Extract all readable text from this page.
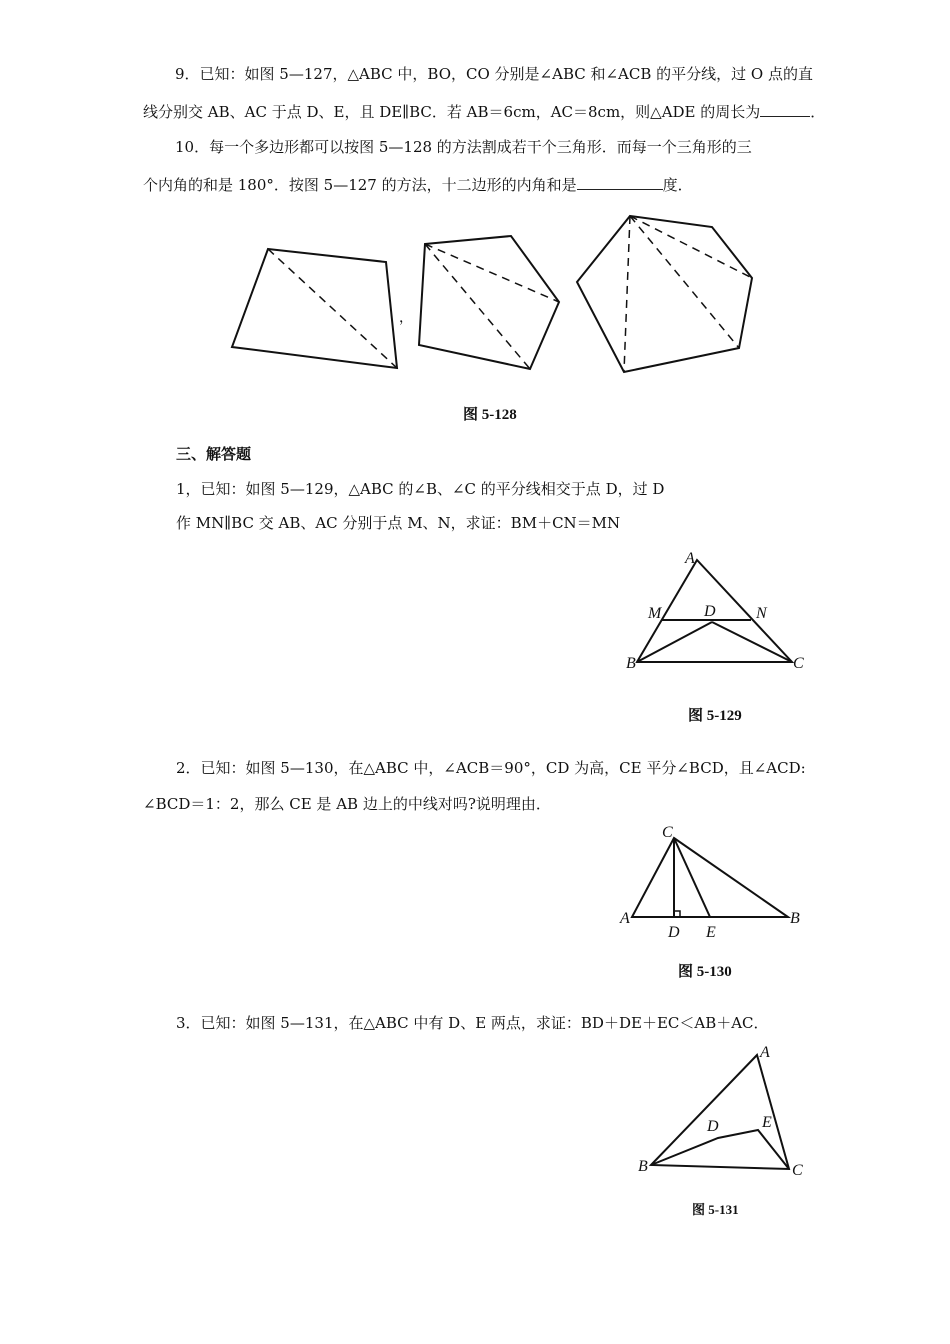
9．已知：如图 5—127，△ABC 中，BO，CO 分别是∠ABC 和∠ACB 的平分线，过 O 点的直
线分别交 AB、AC 于点 D、E，且 DE∥BC．若 AB＝6cm，AC＝8cm，则△ADE 的周长为	．
10．每一个多边形都可以按图 5—128 的方法割成若干个三角形．而每一个三角形的三
个内角的和是 180°．按图 5—127 的方法，十二边形的内角和是	度．
，
图 5-128
三、解答题
1，已知：如图 5—129，△ABC 的∠B、∠C 的平分线相交于点 D，过 D
作 MN∥BC 交 AB、AC 分别于点 M、N，求证：BM＋CN＝MN
A
M	D	N
B	C
图 5-129
2．已知：如图 5—130，在△ABC 中，∠ACB＝90°，CD 为高，CE 平分∠BCD，且∠ACD:
∠BCD＝1：2，那么 CE 是 AB 边上的中线对吗?说明理由．
C
A
D E
B
图 5-130
3．已知：如图 5—131，在△ABC 中有 D、E 两点，求证：BD＋DE＋EC＜AB＋AC．
A
D	E
B	C
图 5-131
